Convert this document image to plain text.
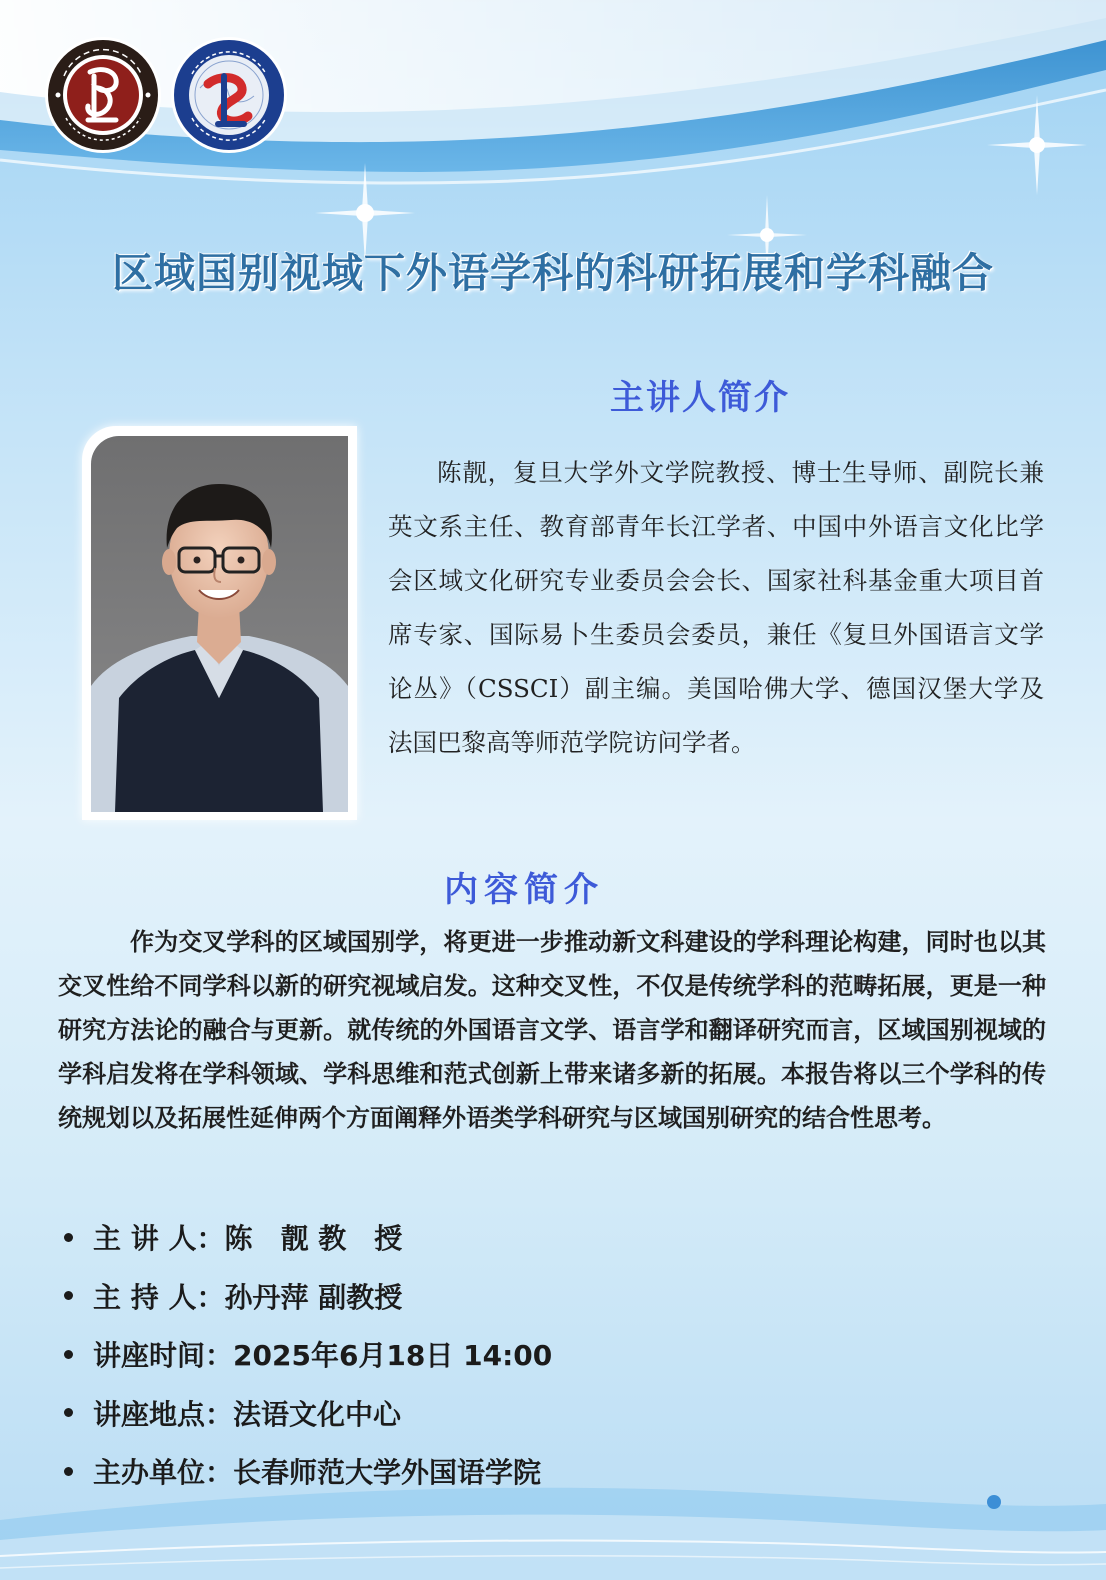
区域国别视域下外语学科的科研拓展和学科融合
主讲人简介

陈靓，复旦大学外文学院教授、博士生导师、副院长兼英文系主任、教育部青年长江学者、中国中外语言文化比学会区域文化研究专业委员会会长、国家社科基金重大项目首席专家、国际易卜生委员会委员，兼任《复旦外国语言文学论丛》（CSSCI）副主编。美国哈佛大学、德国汉堡大学及法国巴黎高等师范学院访问学者。

内容简介

作为交叉学科的区域国别学，将更进一步推动新文科建设的学科理论构建，同时也以其交叉性给不同学科以新的研究视域启发。这种交叉性，不仅是传统学科的范畴拓展，更是一种研究方法论的融合与更新。就传统的外国语言文学、语言学和翻译研究而言，区域国别视域的学科启发将在学科领域、学科思维和范式创新上带来诸多新的拓展。本报告将以三个学科的传统规划以及拓展性延伸两个方面阐释外语类学科研究与区域国别研究的结合性思考。

主 讲 人： 陈　靓 教　授
主 持 人： 孙丹萍 副教授
讲座时间： 2025年6月18日 14:00
讲座地点： 法语文化中心
主办单位： 长春师范大学外国语学院
